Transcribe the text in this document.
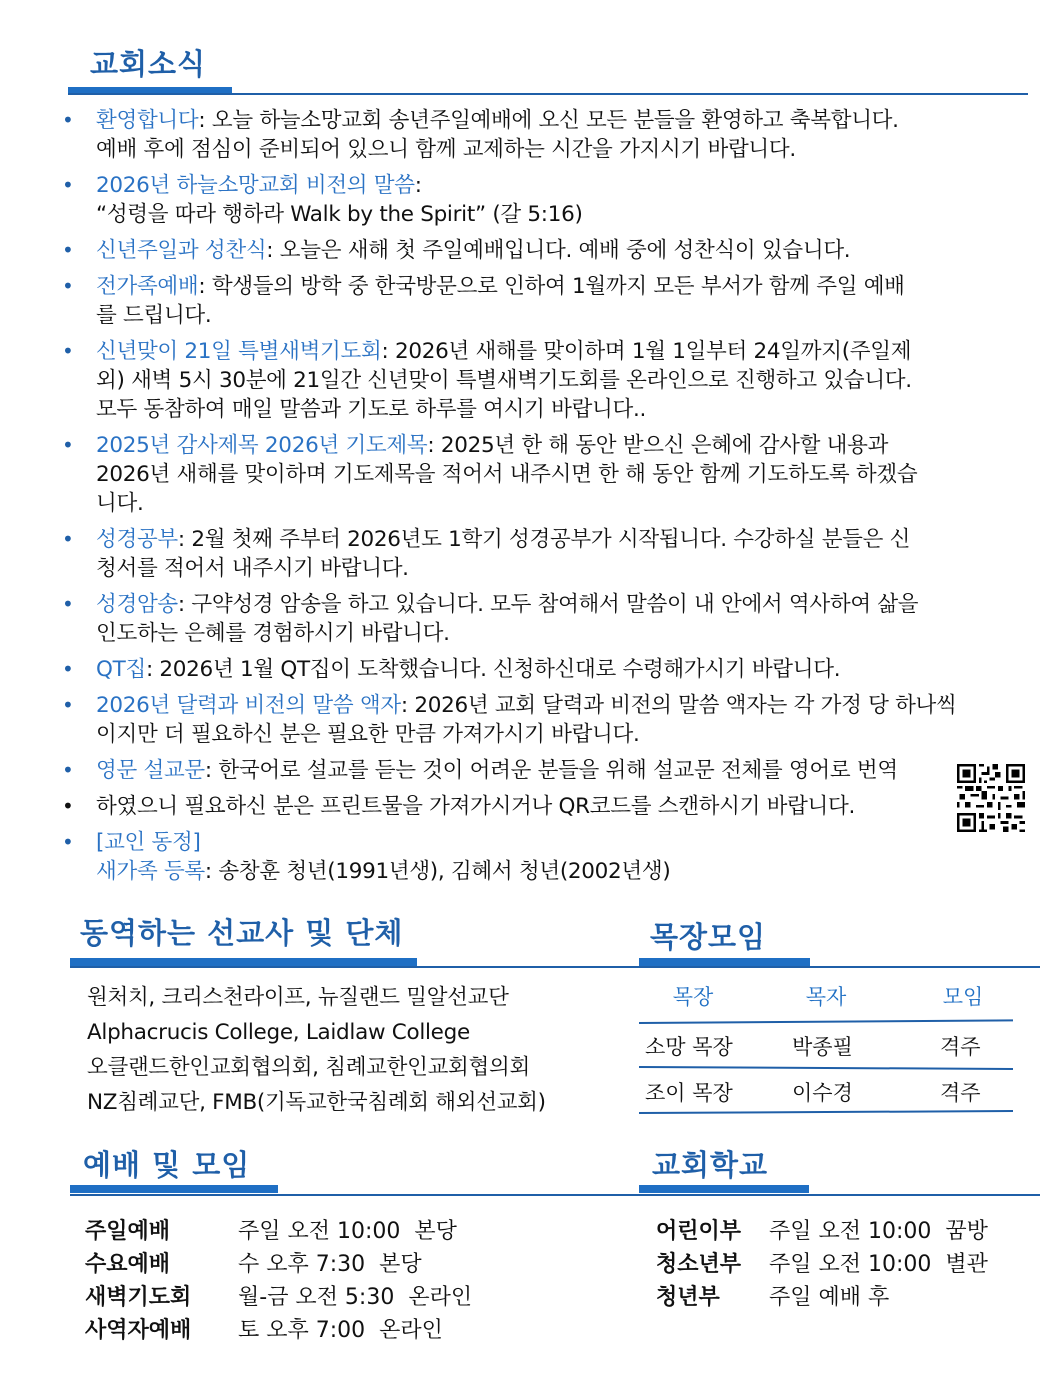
교회소식
• 환영합니다: 오늘 하늘소망교회 송년주일예배에 오신 모든 분들을 환영하고 축복합니다.
예배 후에 점심이 준비되어 있으니 함께 교제하는 시간을 가지시기 바랍니다.
• 2026년 하늘소망교회 비전의 말씀:
“성령을 따라 행하라 Walk by the Spirit” (갈 5:16)
• 신년주일과 성찬식: 오늘은 새해 첫 주일예배입니다. 예배 중에 성찬식이 있습니다.
• 전가족예배: 학생들의 방학 중 한국방문으로 인하여 1월까지 모든 부서가 함께 주일 예배
를 드립니다.
• 신년맞이 21일 특별새벽기도회: 2026년 새해를 맞이하며 1월 1일부터 24일까지(주일제
외) 새벽 5시 30분에 21일간 신년맞이 특별새벽기도회를 온라인으로 진행하고 있습니다.
모두 동참하여 매일 말씀과 기도로 하루를 여시기 바랍니다..
• 2025년 감사제목 2026년 기도제목: 2025년 한 해 동안 받으신 은혜에 감사할 내용과
2026년 새해를 맞이하며 기도제목을 적어서 내주시면 한 해 동안 함께 기도하도록 하겠습
니다.
• 성경공부: 2월 첫째 주부터 2026년도 1학기 성경공부가 시작됩니다. 수강하실 분들은 신
청서를 적어서 내주시기 바랍니다.
• 성경암송: 구약성경 암송을 하고 있습니다. 모두 참여해서 말씀이 내 안에서 역사하여 삶을
인도하는 은혜를 경험하시기 바랍니다.
• QT집: 2026년 1월 QT집이 도착했습니다. 신청하신대로 수령해가시기 바랍니다.
• 2026년 달력과 비전의 말씀 액자: 2026년 교회 달력과 비전의 말씀 액자는 각 가정 당 하나씩
이지만 더 필요하신 분은 필요한 만큼 가져가시기 바랍니다.
• 영문 설교문: 한국어로 설교를 듣는 것이 어려운 분들을 위해 설교문 전체를 영어로 번역
• 하였으니 필요하신 분은 프린트물을 가져가시거나 QR코드를 스캔하시기 바랍니다.
• [교인 동정]
새가족 등록: 송창훈 청년(1991년생), 김혜서 청년(2002년생)
동역하는 선교사 및 단체
원처치, 크리스천라이프, 뉴질랜드 밀알선교단
Alphacrucis College, Laidlaw College
오클랜드한인교회협의회, 침례교한인교회협의회
NZ침례교단, FMB(기독교한국침례회 해외선교회)
목장모임
목장	목자	모임
소망 목장	박종필	격주
조이 목장	이수경	격주
예배 및 모임
주일예배	주일 오전 10:00  본당
수요예배	수 오후 7:30  본당
새벽기도회 월-금 오전 5:30  온라인
사역자예배 토 오후 7:00  온라인
교회학교
어린이부 주일 오전 10:00  꿈방
청소년부 주일 오전 10:00  별관
청년부 주일 예배 후
